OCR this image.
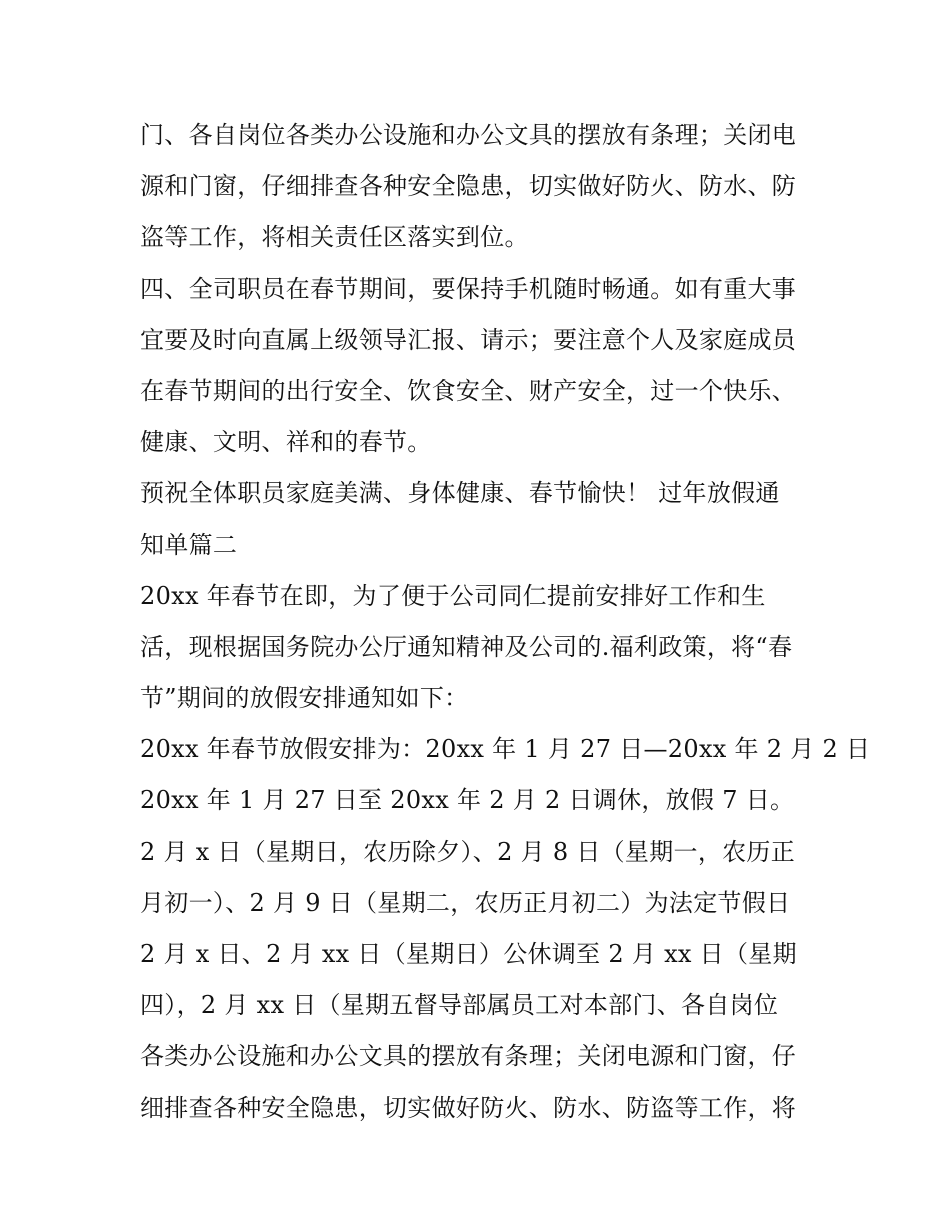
门、各自岗位各类办公设施和办公文具的摆放有条理；关闭电
源和门窗，仔细排查各种安全隐患，切实做好防火、防水、防
盗等工作，将相关责任区落实到位。
四、全司职员在春节期间，要保持手机随时畅通。如有重大事
宜要及时向直属上级领导汇报、请示；要注意个人及家庭成员
在春节期间的出行安全、饮食安全、财产安全，过一个快乐、
健康、文明、祥和的春节。
预祝全体职员家庭美满、身体健康、春节愉快！ 过年放假通
知单篇二
20xx 年春节在即，为了便于公司同仁提前安排好工作和生
活，现根据国务院办公厅通知精神及公司的.福利政策，将“春
节”期间的放假安排通知如下：
20xx 年春节放假安排为：20xx 年 1 月 27 日—20xx 年 2 月 2 日
20xx 年 1 月 27 日至 20xx 年 2 月 2 日调休，放假 7 日。
2 月 x 日（星期日，农历除夕）、2 月 8 日（星期一，农历正
月初一）、2 月 9 日（星期二，农历正月初二）为法定节假日
2 月 x 日、2 月 xx 日（星期日）公休调至 2 月 xx 日（星期
四），2 月 xx 日（星期五督导部属员工对本部门、各自岗位
各类办公设施和办公文具的摆放有条理；关闭电源和门窗，仔
细排查各种安全隐患，切实做好防火、防水、防盗等工作，将
